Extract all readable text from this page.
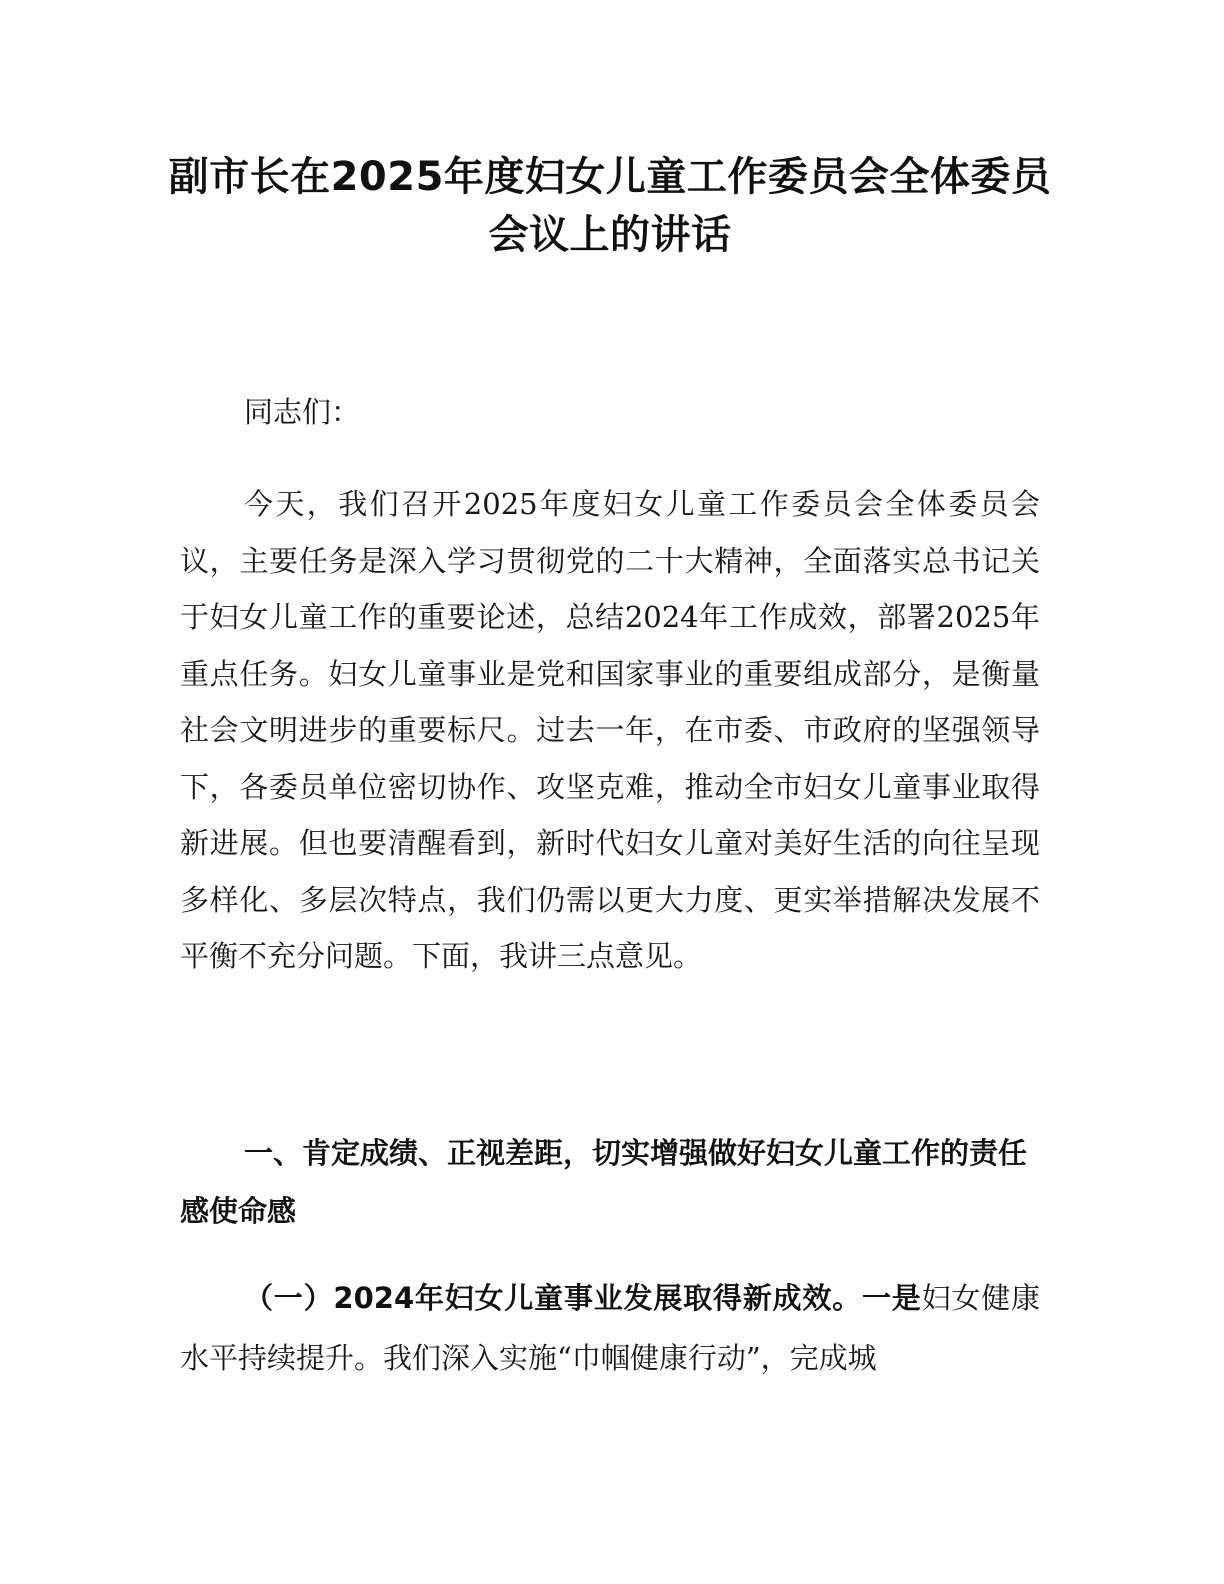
副市长在2025年度妇女儿童工作委员会全体委员会议上的讲话
同志们：
今天，我们召开2025年度妇女儿童工作委员会全体委员会议，主要任务是深入学习贯彻党的二十大精神，全面落实总书记关于妇女儿童工作的重要论述，总结2024年工作成效，部署2025年重点任务。妇女儿童事业是党和国家事业的重要组成部分，是衡量社会文明进步的重要标尺。过去一年，在市委、市政府的坚强领导下，各委员单位密切协作、攻坚克难，推动全市妇女儿童事业取得新进展。但也要清醒看到，新时代妇女儿童对美好生活的向往呈现多样化、多层次特点，我们仍需以更大力度、更实举措解决发展不平衡不充分问题。下面，我讲三点意见。
一、肯定成绩、正视差距，切实增强做好妇女儿童工作的责任感使命感
（一）2024年妇女儿童事业发展取得新成效。一是妇女健康水平持续提升。我们深入实施“巾帼健康行动”，完成城
